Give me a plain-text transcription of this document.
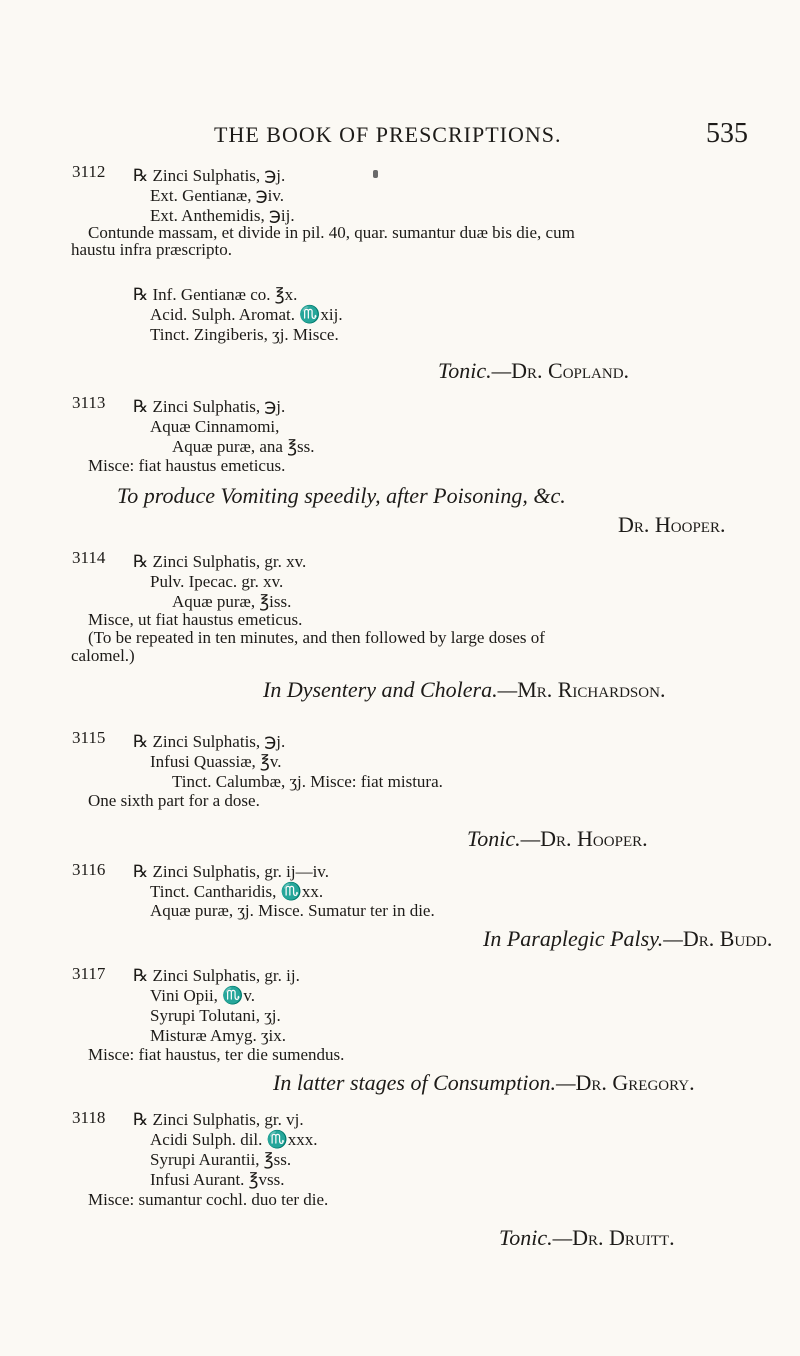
THE BOOK OF PRESCRIPTIONS.	535
3112 ℞ Zinci Sulphatis, ℈j.
Ext. Gentianæ, ℈iv.
Ext. Anthemidis, ℈ij.
Contunde massam, et divide in pil. 40, quar. sumantur duæ bis die, cum
haustu infra præscripto.
℞ Inf. Gentianæ co. ℥x.
Acid. Sulph. Aromat. ♏xij.
Tinct. Zingiberis, ʒj. Misce.
Tonic.—Dr. Copland.
3113 ℞ Zinci Sulphatis, ℈j.
Aquæ Cinnamomi,
Aquæ puræ, ana ℥ss.
Misce: fiat haustus emeticus.
To produce Vomiting speedily, after Poisoning, &c.
Dr. Hooper.
3114 ℞ Zinci Sulphatis, gr. xv.
Pulv. Ipecac. gr. xv.
Aquæ puræ, ℥iss.
Misce, ut fiat haustus emeticus.
(To be repeated in ten minutes, and then followed by large doses of
calomel.)
In Dysentery and Cholera.—Mr. Richardson.
3115 ℞ Zinci Sulphatis, ℈j.
Infusi Quassiæ, ℥v.
Tinct. Calumbæ, ʒj. Misce: fiat mistura.
One sixth part for a dose.
Tonic.—Dr. Hooper.
3116 ℞ Zinci Sulphatis, gr. ij—iv.
Tinct. Cantharidis, ♏xx.
Aquæ puræ, ʒj. Misce. Sumatur ter in die.
In Paraplegic Palsy.—Dr. Budd.
3117 ℞ Zinci Sulphatis, gr. ij.
Vini Opii, ♏v.
Syrupi Tolutani, ʒj.
Misturæ Amyg. ʒix.
Misce: fiat haustus, ter die sumendus.
In latter stages of Consumption.—Dr. Gregory.
3118 ℞ Zinci Sulphatis, gr. vj.
Acidi Sulph. dil. ♏xxx.
Syrupi Aurantii, ℥ss.
Infusi Aurant. ℥vss.
Misce: sumantur cochl. duo ter die.
Tonic.—Dr. Druitt.
